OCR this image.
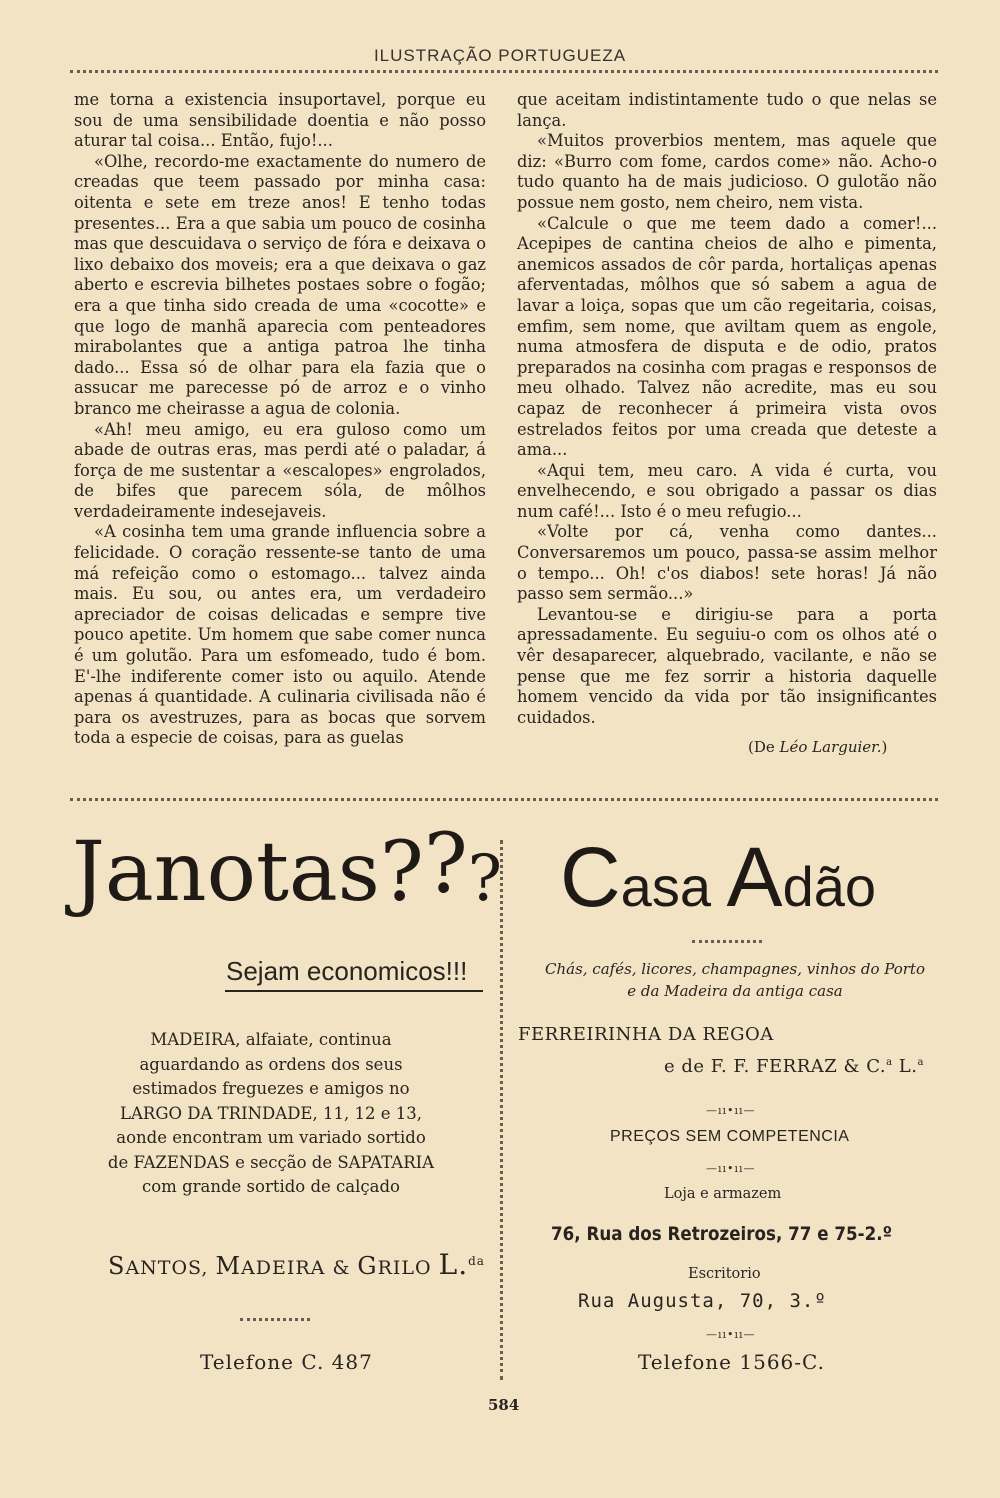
ILUSTRAÇÃO PORTUGUEZA

me torna a existencia insuportavel, porque eu sou de uma sensibilidade doentia e não posso aturar tal coisa... Então, fujo!...

«Olhe, recordo-me exactamente do numero de creadas que teem passado por minha casa: oitenta e sete em treze anos! E tenho todas presentes... Era a que sabia um pouco de cosinha mas que descuidava o serviço de fóra e deixava o lixo debaixo dos moveis; era a que deixava o gaz aberto e escrevia bilhetes postaes sobre o fogão; era a que tinha sido creada de uma «cocotte» e que logo de manhã aparecia com penteadores mirabolantes que a antiga patroa lhe tinha dado... Essa só de olhar para ela fazia que o assucar me parecesse pó de arroz e o vinho branco me cheirasse a agua de colonia.

«Ah! meu amigo, eu era guloso como um abade de outras eras, mas perdi até o paladar, á força de me sustentar a «escalopes» engrolados, de bifes que parecem sóla, de môlhos verdadeiramente indesejaveis.

«A cosinha tem uma grande influencia sobre a felicidade. O coração ressente-se tanto de uma má refeição como o estomago... talvez ainda mais. Eu sou, ou antes era, um verdadeiro apreciador de coisas delicadas e sempre tive pouco apetite. Um homem que sabe comer nunca é um golutão. Para um esfomeado, tudo é bom. E'-lhe indiferente comer isto ou aquilo. Atende apenas á quantidade. A culinaria civilisada não é para os avestruzes, para as bocas que sorvem toda a especie de coisas, para as guelas

que aceitam indistintamente tudo o que nelas se lança.

«Muitos proverbios mentem, mas aquele que diz: «Burro com fome, cardos come» não. Acho-o tudo quanto ha de mais judicioso. O gulotão não possue nem gosto, nem cheiro, nem vista.

«Calcule o que me teem dado a comer!... Acepipes de cantina cheios de alho e pimenta, anemicos assados de côr parda, hortaliças apenas aferventadas, môlhos que só sabem a agua de lavar a loiça, sopas que um cão regeitaria, coisas, emfim, sem nome, que aviltam quem as engole, numa atmosfera de disputa e de odio, pratos preparados na cosinha com pragas e responsos de meu olhado. Talvez não acredite, mas eu sou capaz de reconhecer á primeira vista ovos estrelados feitos por uma creada que deteste a ama...

«Aqui tem, meu caro. A vida é curta, vou envelhecendo, e sou obrigado a passar os dias num café!... Isto é o meu refugio...

«Volte por cá, venha como dantes... Conversaremos um pouco, passa-se assim melhor o tempo... Oh! c'os diabos! sete horas! Já não passo sem sermão...»

Levantou-se e dirigiu-se para a porta apressadamente. Eu seguiu-o com os olhos até o vêr desaparecer, alquebrado, vacilante, e não se pense que me fez sorrir a historia daquelle homem vencido da vida por tão insignificantes cuidados.

(De Léo Larguier.)
Janotas???
Sejam economicos!!!
MADEIRA, alfaiate, continua aguardando as ordens dos seus estimados freguezes e amigos no LARGO DA TRINDADE, 11, 12 e 13, aonde encontram um variado sortido de FAZENDAS e secção de SAPATARIA com grande sortido de calçado
SANTOS, MADEIRA & GRILO L.$^{da}$
Telefone C. 487
Casa Adão
Chás, cafés, licores, champagnes, vinhos do Porto
e da Madeira da antiga casa
FERREIRINHA DA REGOA
e de F. F. FERRAZ & C.$^a$ L.$^a$
—ıı•ıı—
PREÇOS SEM COMPETENCIA
—ıı•ıı—
Loja e armazem
76, Rua dos Retrozeiros, 77 e 75-2.º
Escritorio
Rua Augusta, 70, 3.º
—ıı•ıı—
Telefone 1566-C.
584
